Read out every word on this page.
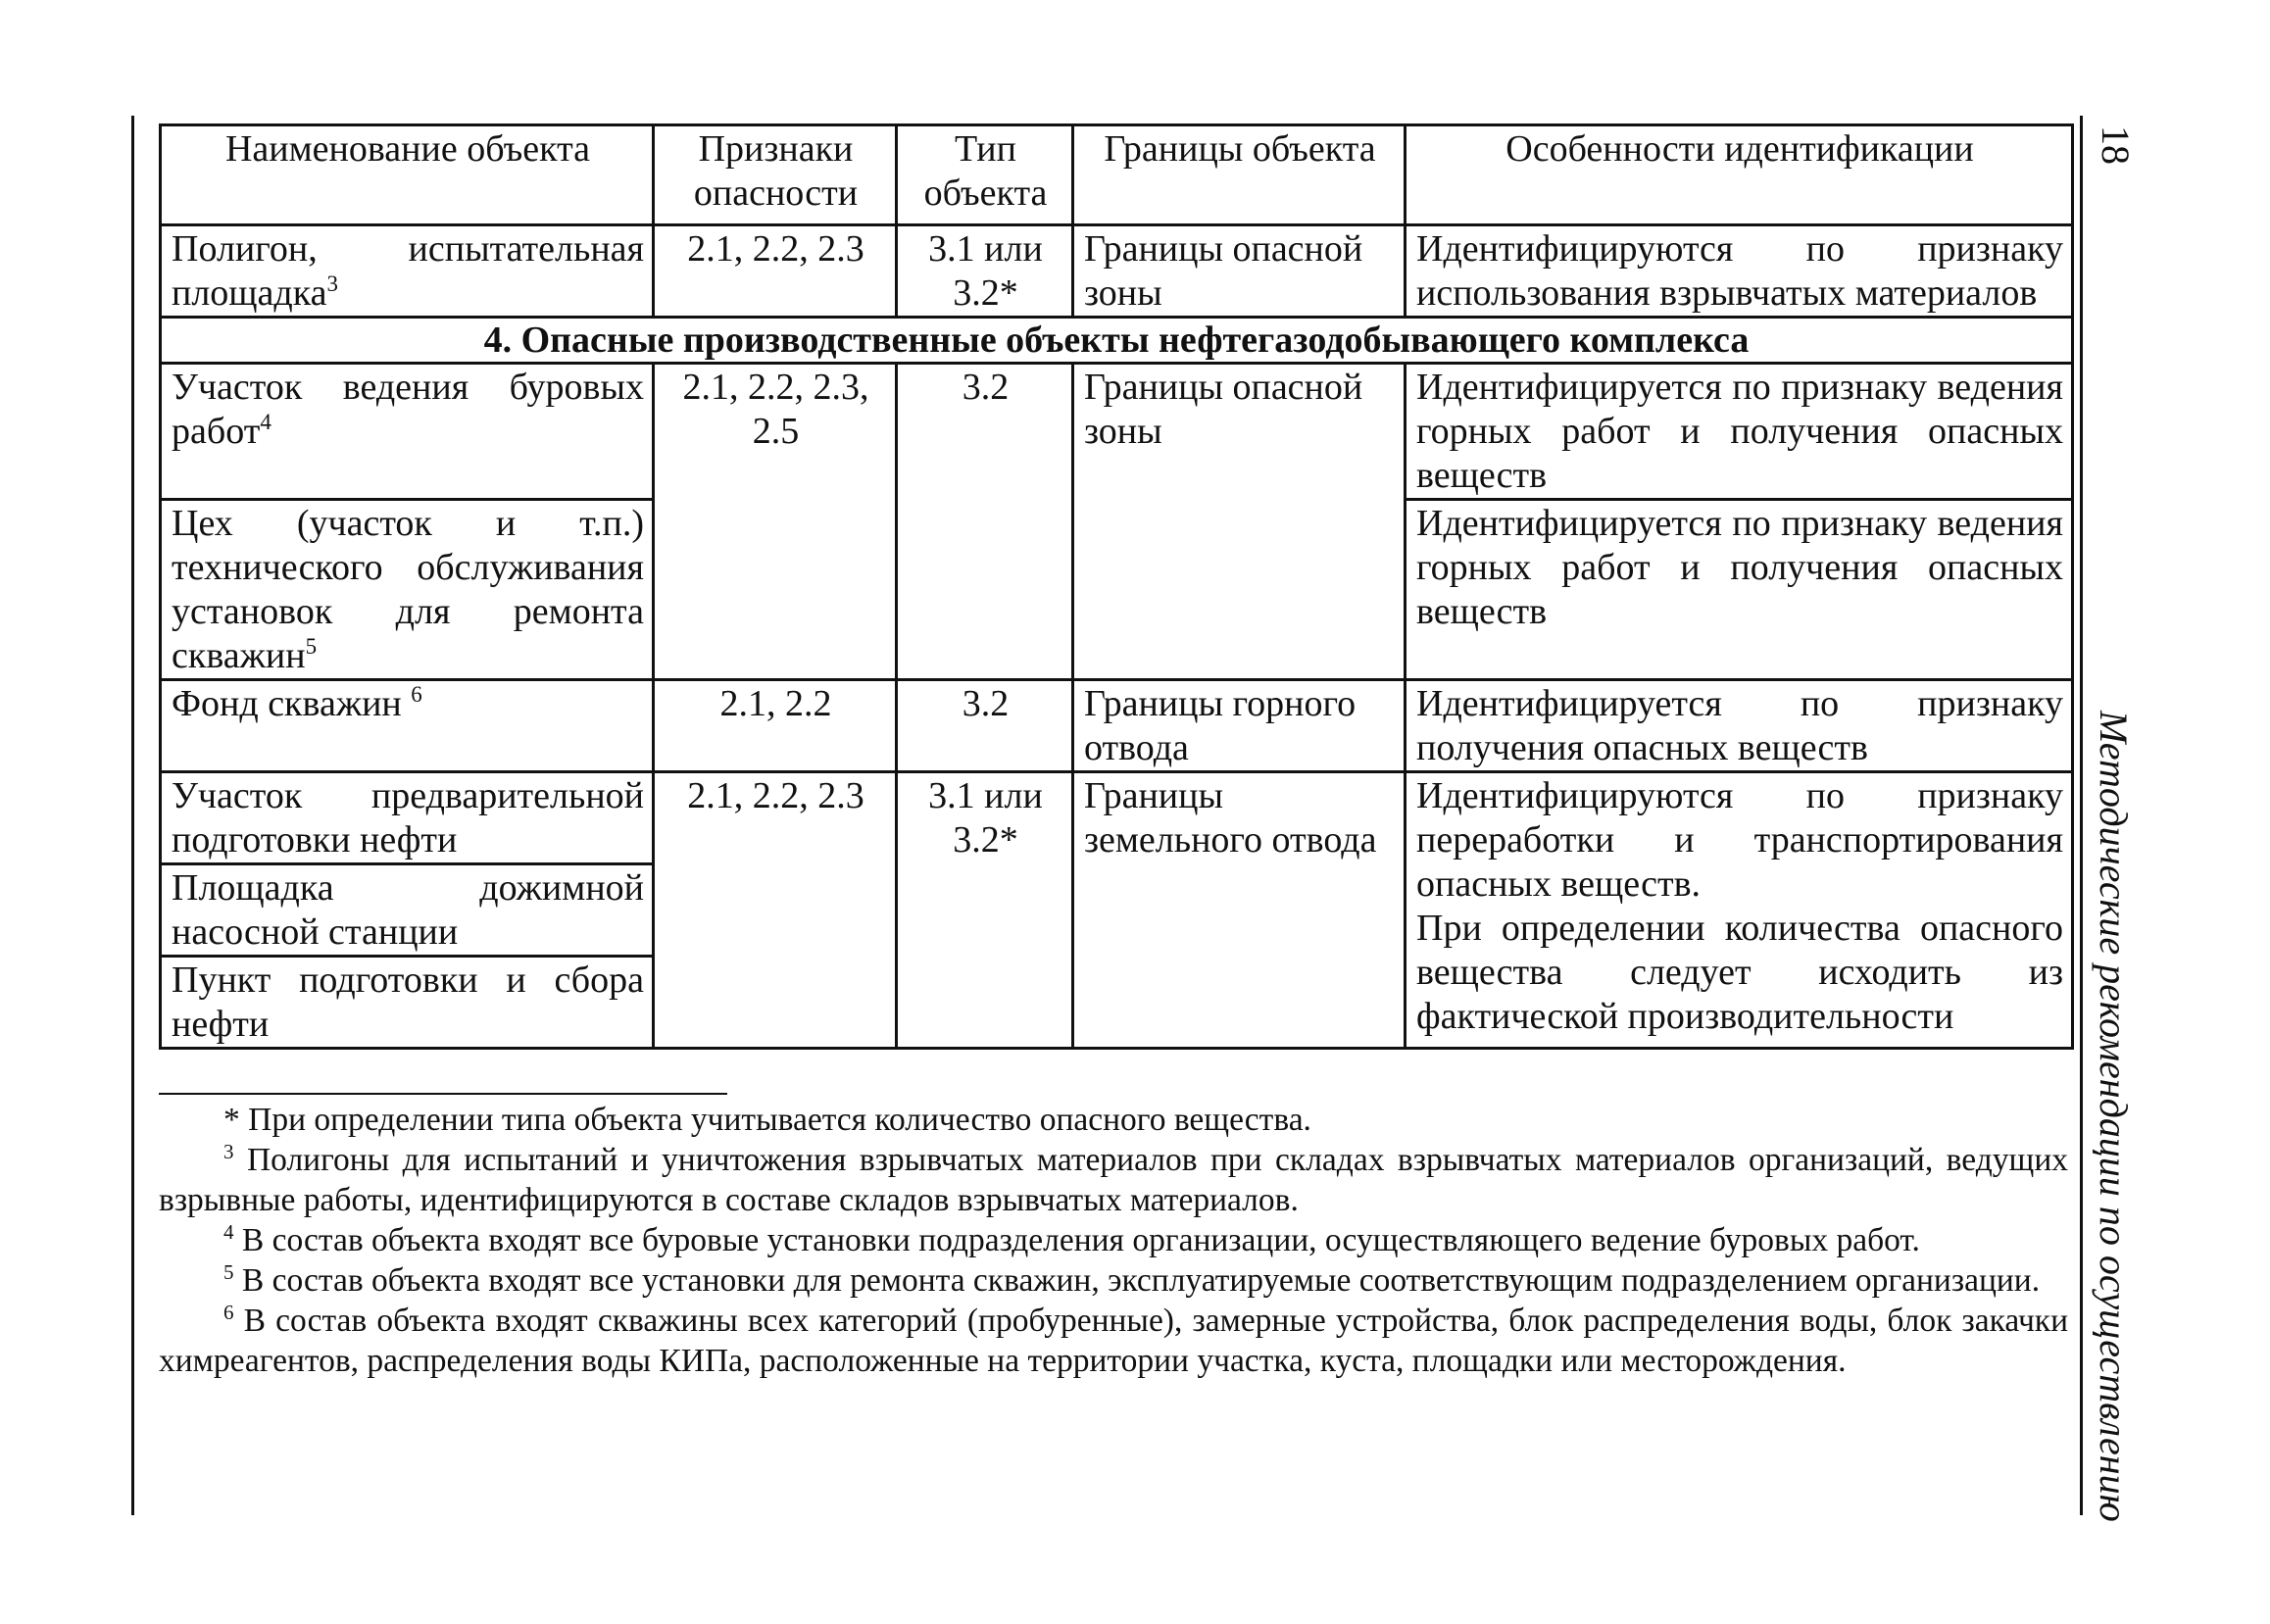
18
Методические рекомендации по осуществлению
Наименование объекта	Признаки опасности	Тип объекта	Границы объекта	Особенности идентификации
Полигон, испытательная площадка$^3$	2.1, 2.2, 2.3	3.1 или 3.2*	Границы опасной зоны	Идентифицируются по признаку использования взрывчатых материалов
4. Опасные производственные объекты нефтегазодобывающего комплекса				
Участок ведения буровых работ$^4$	2.1, 2.2, 2.3, 2.5	3.2	Границы опасной зоны	Идентифицируется по признаку ведения горных работ и получения опасных веществ
Цех (участок и т.п.) технического обслуживания установок для ремонта скважин$^5$				Идентифицируется по признаку ведения горных работ и получения опасных веществ
Фонд скважин $^6$	2.1, 2.2	3.2	Границы горного отвода	Идентифицируется по признаку получения опасных веществ
Участок предварительной подготовки нефти	2.1, 2.2, 2.3	3.1 или 3.2*	Границы земельного отвода	Идентифицируются по признаку переработки и транспортирования опасных веществ.
При определении количества опасного вещества следует исходить из фактической производительности

Площадка дожимной насосной станции				
Пункт подготовки и сбора нефти				

* При определении типа объекта учитывается количество опасного вещества.

$^3$ Полигоны для испытаний и уничтожения взрывчатых материалов при складах взрывчатых материалов организаций, ведущих взрывные работы, идентифицируются в составе складов взрывчатых материалов.

$^4$ В состав объекта входят все буровые установки подразделения организации, осуществляющего ведение буровых работ.

$^5$ В состав объекта входят все установки для ремонта скважин, эксплуатируемые соответствующим подразделением организации.

$^6$ В состав объекта входят скважины всех категорий (пробуренные), замерные устройства, блок распределения воды, блок закачки химреагентов, распределения воды КИПа, расположенные на территории участка, куста, площадки или месторождения.
